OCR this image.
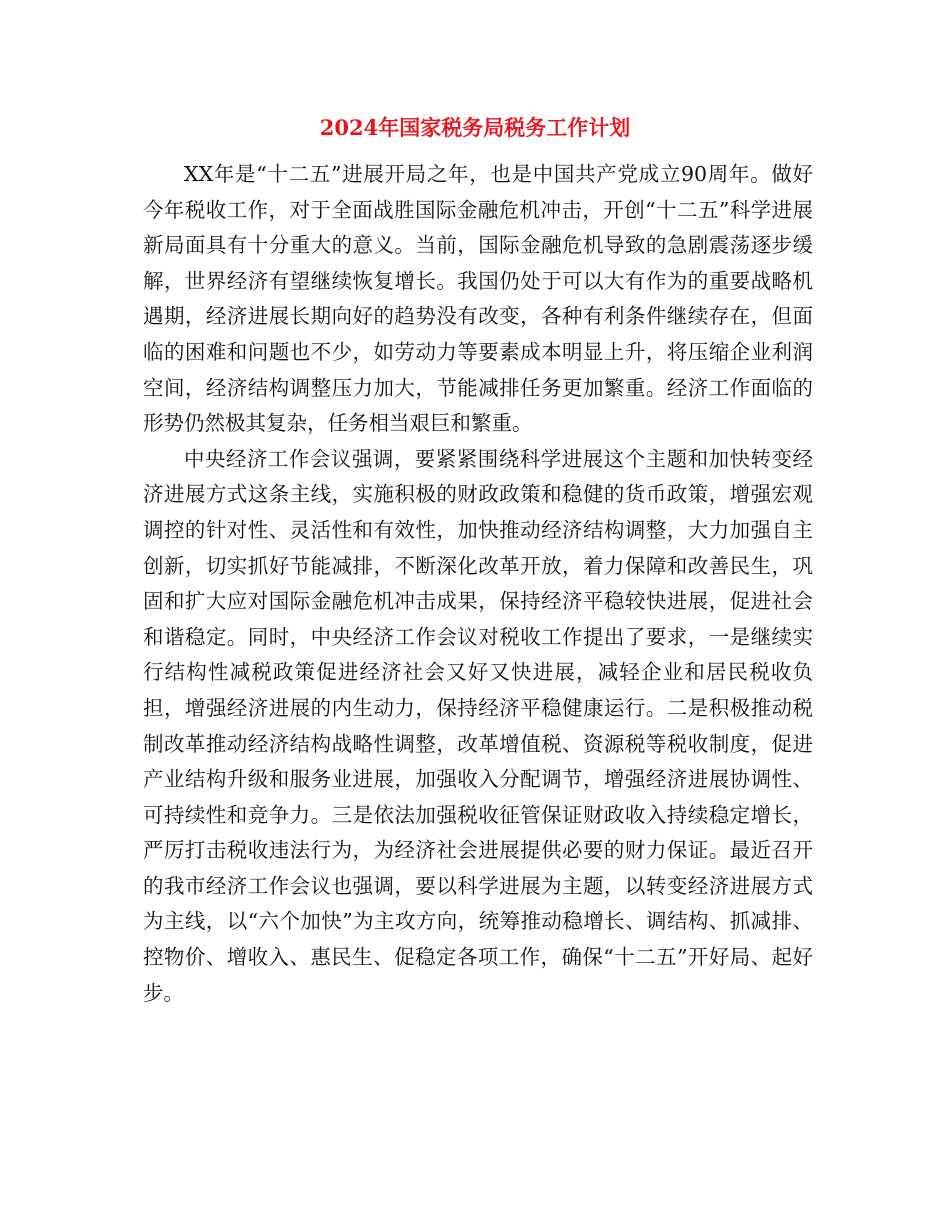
2024年国家税务局税务工作计划

XX年是“十二五”进展开局之年，也是中国共产党成立90周年。做好今年税收工作，对于全面战胜国际金融危机冲击，开创“十二五”科学进展新局面具有十分重大的意义。当前，国际金融危机导致的急剧震荡逐步缓解，世界经济有望继续恢复增长。我国仍处于可以大有作为的重要战略机遇期，经济进展长期向好的趋势没有改变，各种有利条件继续存在，但面临的困难和问题也不少，如劳动力等要素成本明显上升，将压缩企业利润空间，经济结构调整压力加大，节能减排任务更加繁重。经济工作面临的形势仍然极其复杂，任务相当艰巨和繁重。

中央经济工作会议强调，要紧紧围绕科学进展这个主题和加快转变经济进展方式这条主线，实施积极的财政政策和稳健的货币政策，增强宏观调控的针对性、灵活性和有效性，加快推动经济结构调整，大力加强自主创新，切实抓好节能减排，不断深化改革开放，着力保障和改善民生，巩固和扩大应对国际金融危机冲击成果，保持经济平稳较快进展，促进社会和谐稳定。同时，中央经济工作会议对税收工作提出了要求，一是继续实行结构性减税政策促进经济社会又好又快进展，减轻企业和居民税收负担，增强经济进展的内生动力，保持经济平稳健康运行。二是积极推动税制改革推动经济结构战略性调整，改革增值税、资源税等税收制度，促进产业结构升级和服务业进展，加强收入分配调节，增强经济进展协调性、可持续性和竞争力。三是依法加强税收征管保证财政收入持续稳定增长，严厉打击税收违法行为，为经济社会进展提供必要的财力保证。最近召开的我市经济工作会议也强调，要以科学进展为主题，以转变经济进展方式为主线，以“六个加快”为主攻方向，统筹推动稳增长、调结构、抓减排、控物价、增收入、惠民生、促稳定各项工作，确保“十二五”开好局、起好步。
